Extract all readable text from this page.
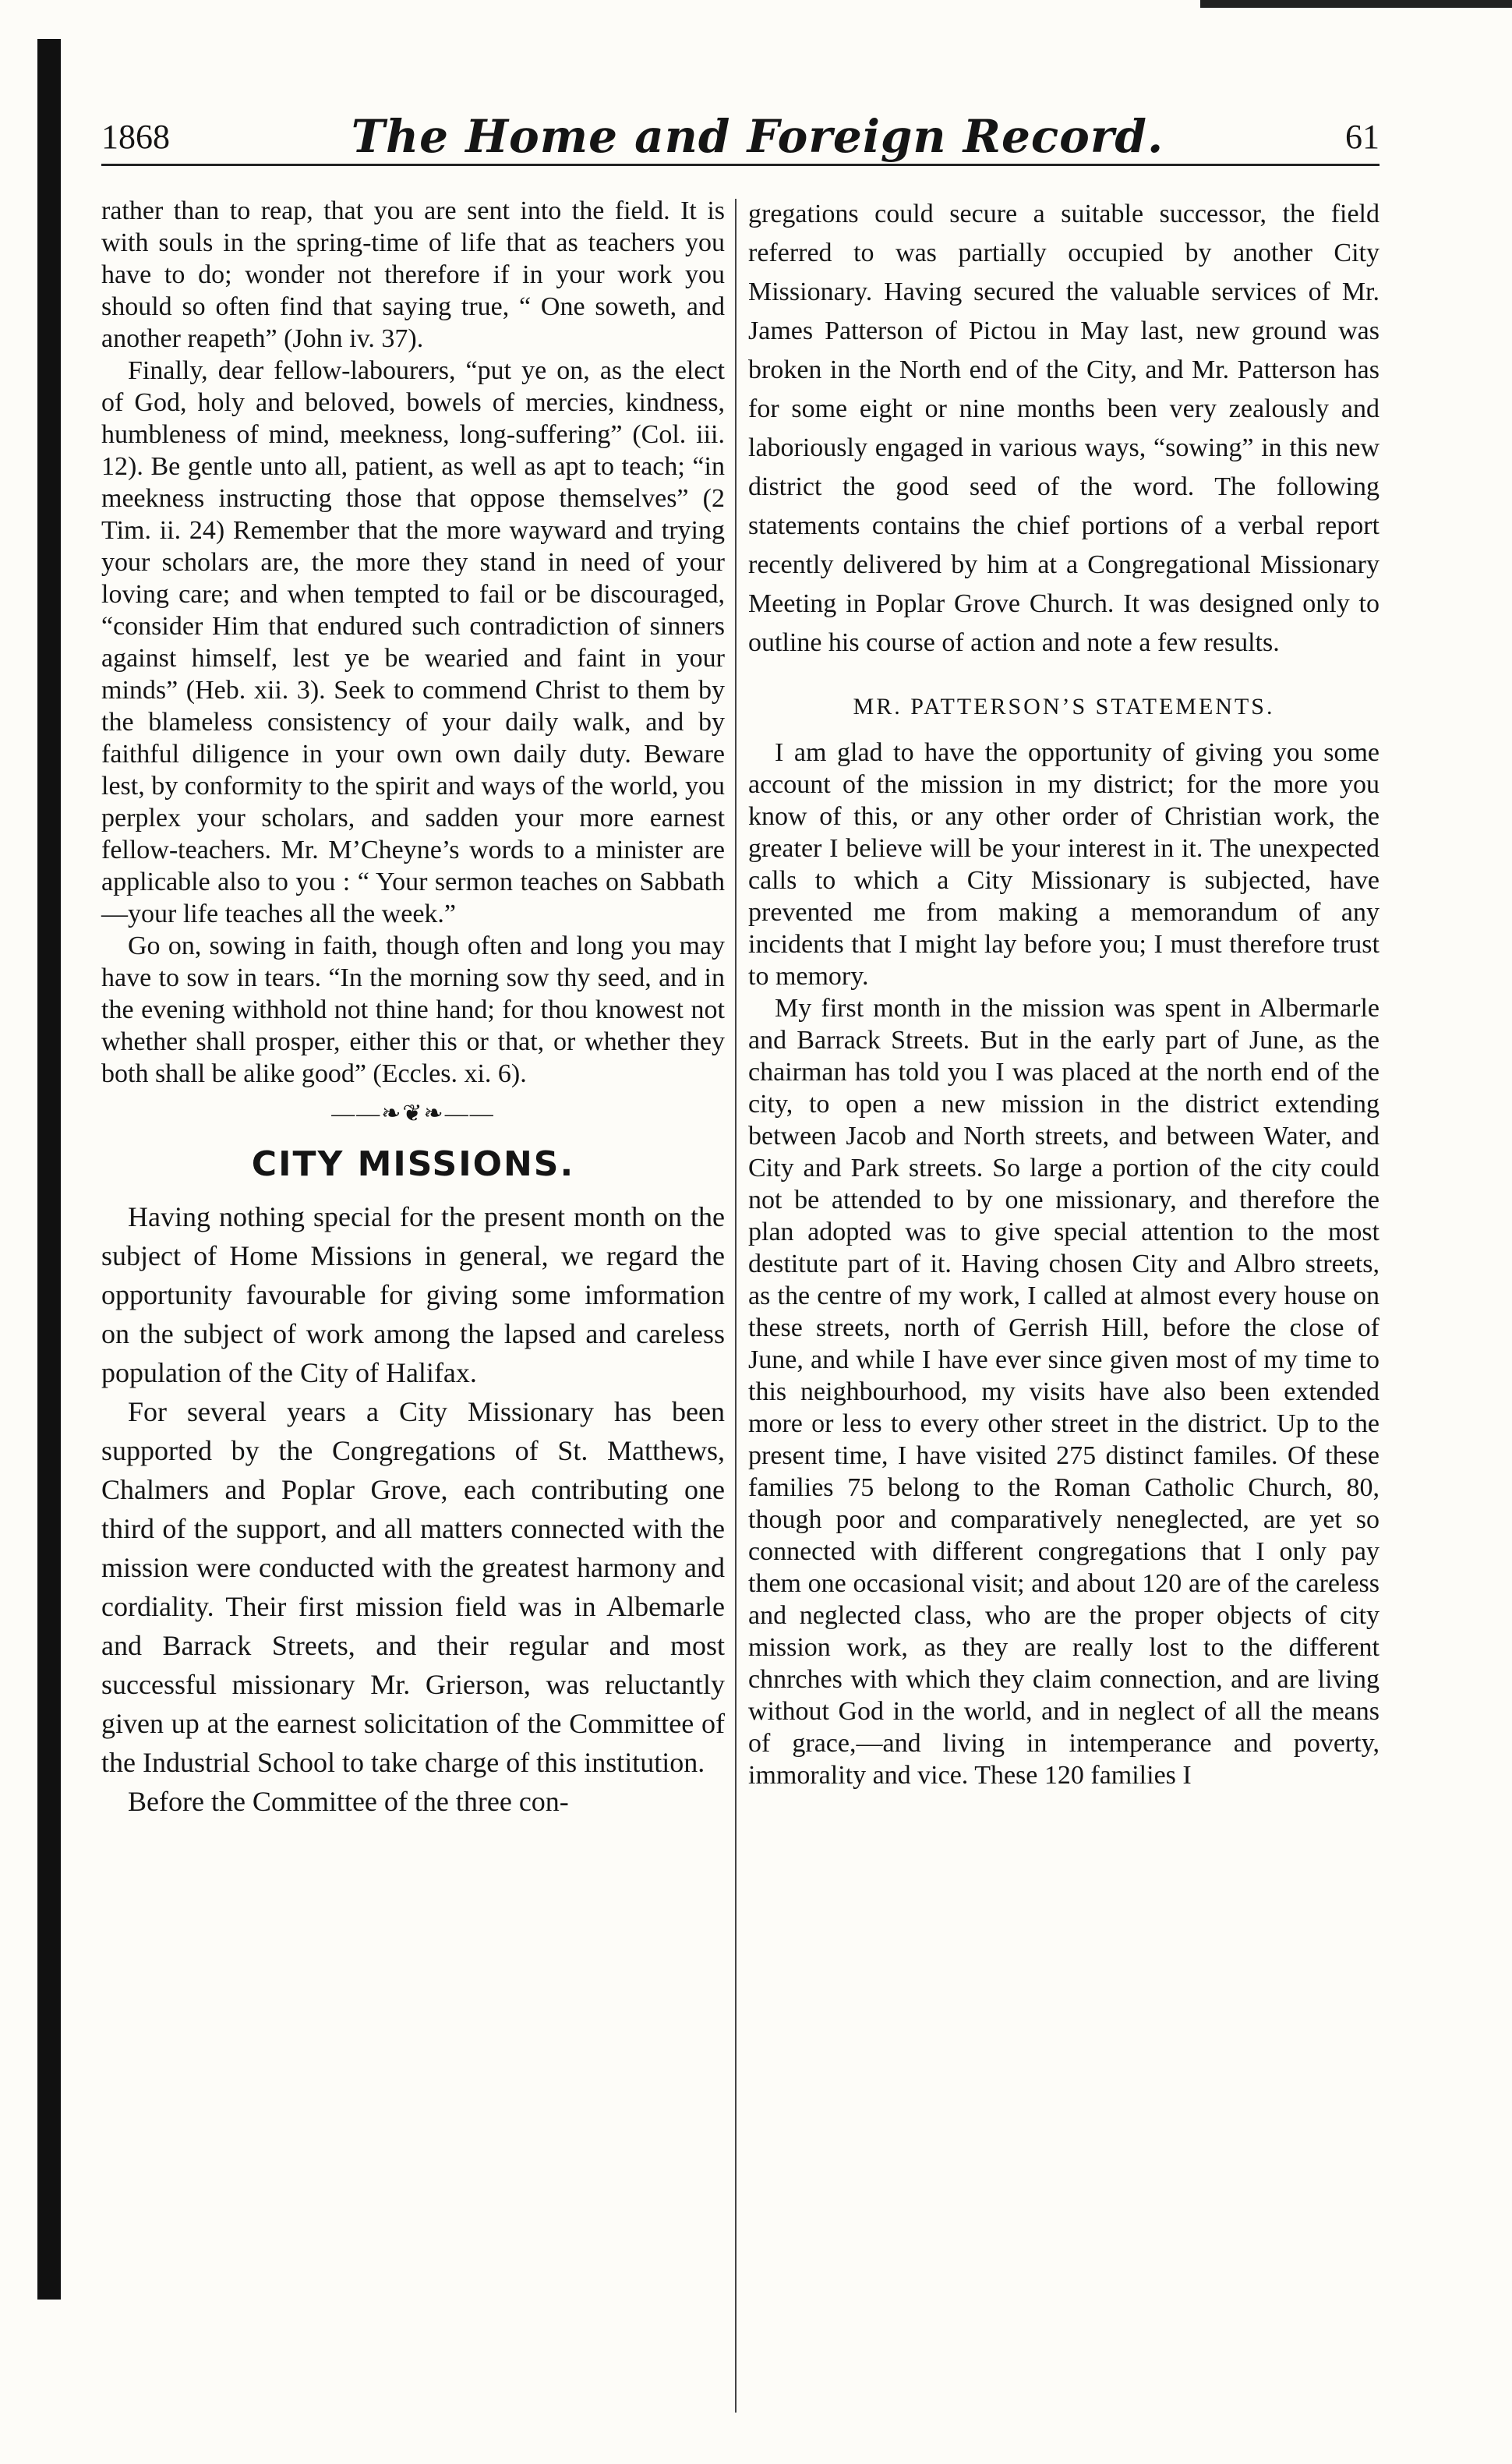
1868	The Home and Foreign Record.	61

rather than to reap, that you are sent into the field. It is with souls in the spring-time of life that as teachers you have to do; wonder not therefore if in your work you should so often find that saying true, “ One soweth, and another reapeth” (John iv. 37).

Finally, dear fellow-labourers, “put ye on, as the elect of God, holy and beloved, bowels of mercies, kindness, humbleness of mind, meekness, long-suffering” (Col. iii. 12). Be gentle unto all, patient, as well as apt to teach; “in meekness instructing those that oppose themselves” (2 Tim. ii. 24) Remember that the more wayward and trying your scholars are, the more they stand in need of your loving care; and when tempted to fail or be discouraged, “consider Him that endured such contradiction of sinners against himself, lest ye be wearied and faint in your minds” (Heb. xii. 3). Seek to commend Christ to them by the blameless consistency of your daily walk, and by faithful diligence in your own own daily duty. Beware lest, by conformity to the spirit and ways of the world, you perplex your scholars, and sadden your more earnest fellow-teachers. Mr. M’Cheyne’s words to a minister are applicable also to you : “ Your sermon teaches on Sabbath—your life teaches all the week.”

Go on, sowing in faith, though often and long you may have to sow in tears. “In the morning sow thy seed, and in the evening withhold not thine hand; for thou knowest not whether shall prosper, either this or that, or whether they both shall be alike good” (Eccles. xi. 6).

——❧❦❧——
CITY MISSIONS.

Having nothing special for the present month on the subject of Home Missions in general, we regard the opportunity favourable for giving some imformation on the subject of work among the lapsed and careless population of the City of Halifax.

For several years a City Missionary has been supported by the Congregations of St. Matthews, Chalmers and Poplar Grove, each contributing one third of the support, and all matters connected with the mission were conducted with the greatest harmony and cordiality. Their first mission field was in Albemarle and Barrack Streets, and their regular and most successful missionary Mr. Grierson, was reluctantly given up at the earnest solicitation of the Committee of the Industrial School to take charge of this institution.

Before the Committee of the three con-

gregations could secure a suitable successor, the field referred to was partially occupied by another City Missionary. Having secured the valuable services of Mr. James Patterson of Pictou in May last, new ground was broken in the North end of the City, and Mr. Patterson has for some eight or nine months been very zealously and laboriously engaged in various ways, “sowing” in this new district the good seed of the word. The following statements contains the chief portions of a verbal report recently delivered by him at a Congregational Missionary Meeting in Poplar Grove Church. It was designed only to outline his course of action and note a few results.

MR. PATTERSON’S STATEMENTS.

I am glad to have the opportunity of giving you some account of the mission in my district; for the more you know of this, or any other order of Christian work, the greater I believe will be your interest in it. The unexpected calls to which a City Missionary is subjected, have prevented me from making a memorandum of any incidents that I might lay before you; I must therefore trust to memory.

My first month in the mission was spent in Albermarle and Barrack Streets. But in the early part of June, as the chairman has told you I was placed at the north end of the city, to open a new mission in the district extending between Jacob and North streets, and between Water, and City and Park streets. So large a portion of the city could not be attended to by one missionary, and therefore the plan adopted was to give special attention to the most destitute part of it. Having chosen City and Albro streets, as the centre of my work, I called at almost every house on these streets, north of Gerrish Hill, before the close of June, and while I have ever since given most of my time to this neighbourhood, my visits have also been extended more or less to every other street in the district. Up to the present time, I have visited 275 distinct familes. Of these families 75 belong to the Roman Catholic Church, 80, though poor and comparatively neneglected, are yet so connected with different congregations that I only pay them one occasional visit; and about 120 are of the careless and neglected class, who are the proper objects of city mission work, as they are really lost to the different chnrches with which they claim connection, and are living without God in the world, and in neglect of all the means of grace,—and living in intemperance and poverty, immorality and vice. These 120 families I
